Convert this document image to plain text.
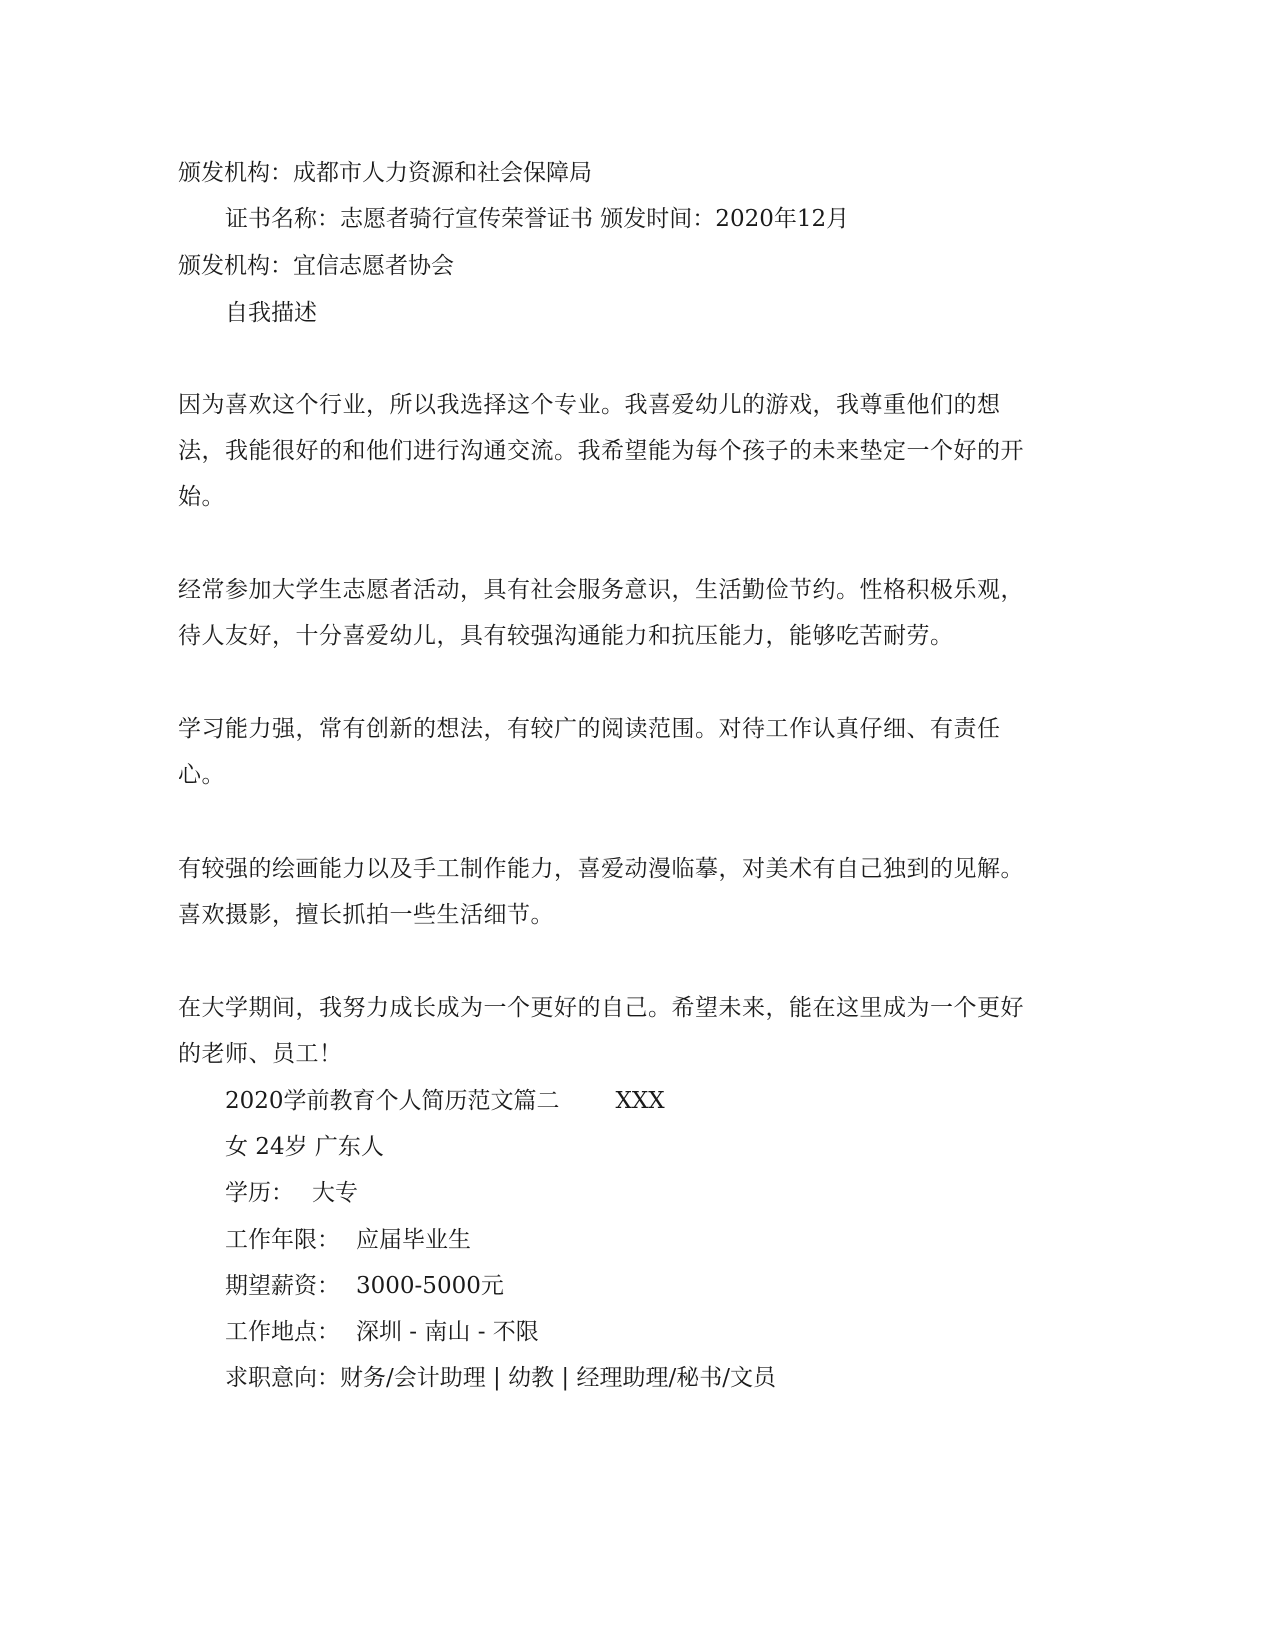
颁发机构：成都市人力资源和社会保障局
证书名称：志愿者骑行宣传荣誉证书 颁发时间：2020年12月
颁发机构：宜信志愿者协会
自我描述
因为喜欢这个行业，所以我选择这个专业。我喜爱幼儿的游戏，我尊重他们的想法，我能很好的和他们进行沟通交流。我希望能为每个孩子的未来垫定一个好的开始。
经常参加大学生志愿者活动，具有社会服务意识，生活勤俭节约。性格积极乐观，待人友好，十分喜爱幼儿，具有较强沟通能力和抗压能力，能够吃苦耐劳。
学习能力强，常有创新的想法，有较广的阅读范围。对待工作认真仔细、有责任心。
有较强的绘画能力以及手工制作能力，喜爱动漫临摹，对美术有自己独到的见解。喜欢摄影，擅长抓拍一些生活细节。
在大学期间，我努力成长成为一个更好的自己。希望未来，能在这里成为一个更好的老师、员工！
2020学前教育个人简历范文篇二 XXX
女 24岁 广东人
学历： 大专
工作年限： 应届毕业生
期望薪资： 3000-5000元
工作地点： 深圳 - 南山 - 不限
求职意向：财务/会计助理 | 幼教 | 经理助理/秘书/文员
